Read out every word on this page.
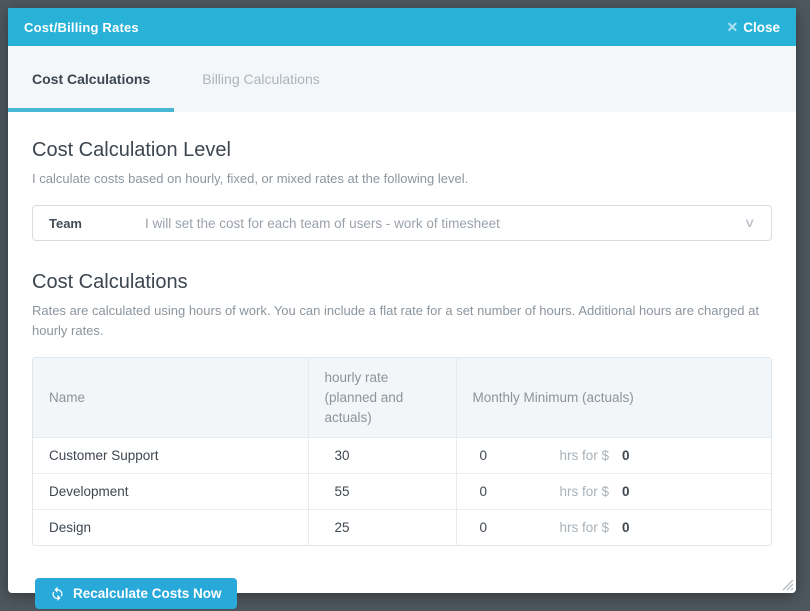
Cost/Billing Rates	✕ Close
Cost Calculations	Billing Calculations
Cost Calculation Level
I calculate costs based on hourly, fixed, or mixed rates at the following level.
Team	I will set the cost for each team of users - work of timesheet	∨
Cost Calculations
Rates are calculated using hours of work. You can include a flat rate for a set number of hours. Additional hours are charged at hourly rates.
Name	hourly rate (planned and actuals)	Monthly Minimum (actuals)
Customer Support	30	0 hrs for $ 0

Development	55	0 hrs for $ 0

Design	25	0 hrs for $ 0
Recalculate Costs Now
